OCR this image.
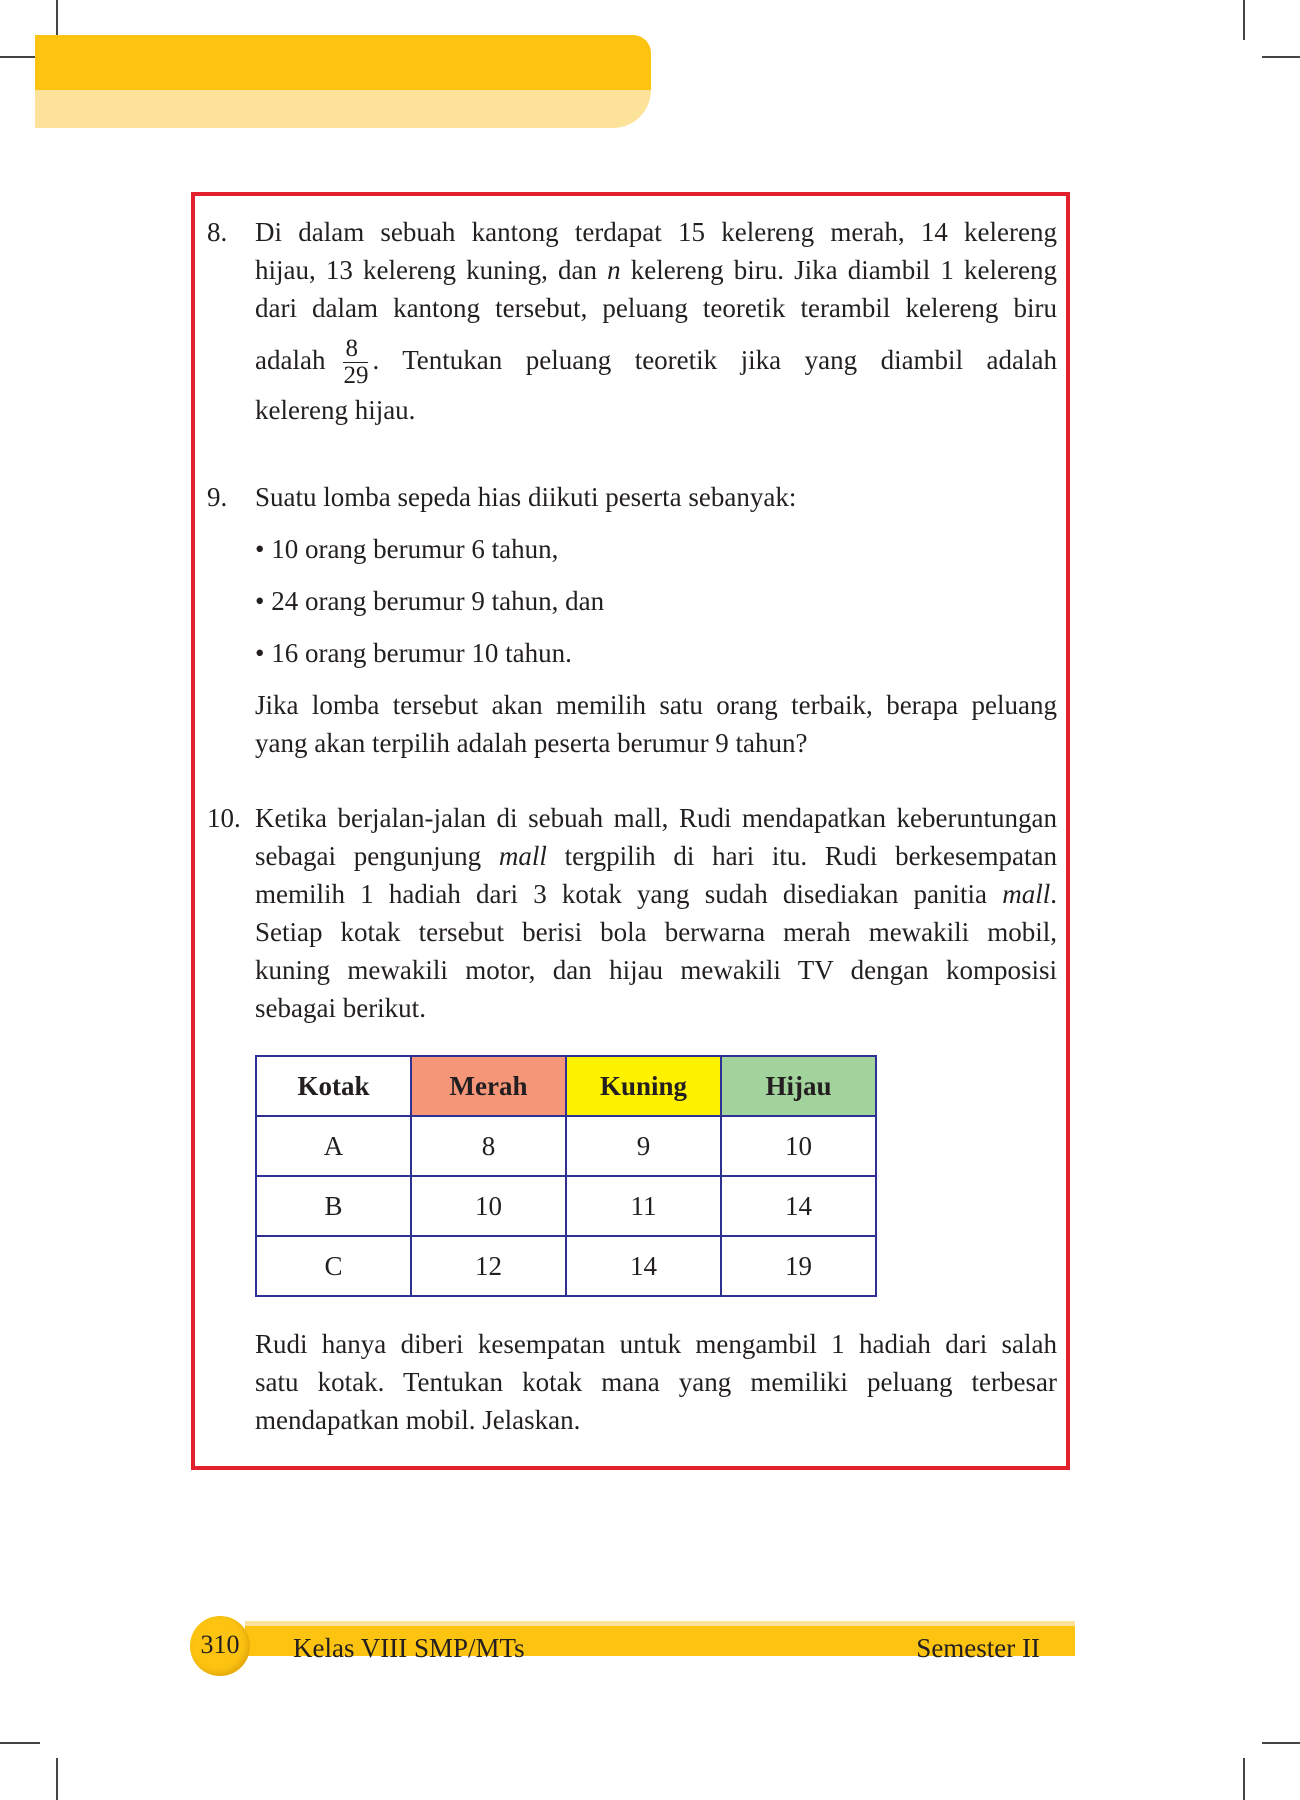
8. Di dalam sebuah kantong terdapat 15 kelereng merah, 14 kelereng
hijau, 13 kelereng kuning, dan n kelereng biru. Jika diambil 1 kelereng
dari dalam kantong tersebut, peluang teoretik terambil kelereng biru
adalah $\frac{8}{29}$ . Tentukan peluang teoretik jika yang diambil adalah
kelereng hijau.
9. Suatu lomba sepeda hias diikuti peserta sebanyak:
• 10 orang berumur 6 tahun,
• 24 orang berumur 9 tahun, dan
• 16 orang berumur 10 tahun.
Jika lomba tersebut akan memilih satu orang terbaik, berapa peluang
yang akan terpilih adalah peserta berumur 9 tahun?
10. Ketika berjalan-jalan di sebuah mall, Rudi mendapatkan keberuntungan
sebagai pengunjung mall tergpilih di hari itu. Rudi berkesempatan
memilih 1 hadiah dari 3 kotak yang sudah disediakan panitia mall.
Setiap kotak tersebut berisi bola berwarna merah mewakili mobil,
kuning mewakili motor, dan hijau mewakili TV dengan komposisi
sebagai berikut.
Kotak	Merah	Kuning	Hijau
A	8	9	10
B	10	11	14
C	12	14	19
Rudi hanya diberi kesempatan untuk mengambil 1 hadiah dari salah
satu kotak. Tentukan kotak mana yang memiliki peluang terbesar
mendapatkan mobil. Jelaskan.
310	Kelas VIII SMP/MTs	Semester II
